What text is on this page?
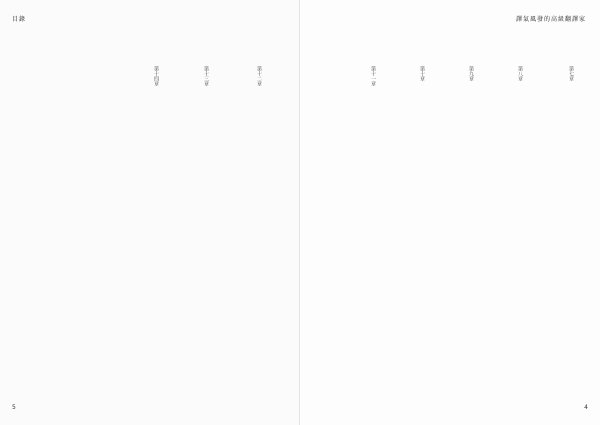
目錄
第十二章
第十三章
第十四章
5
譯氣風發的高級翻譯家
第七章
第八章
第九章
第十章
第十一章
4
